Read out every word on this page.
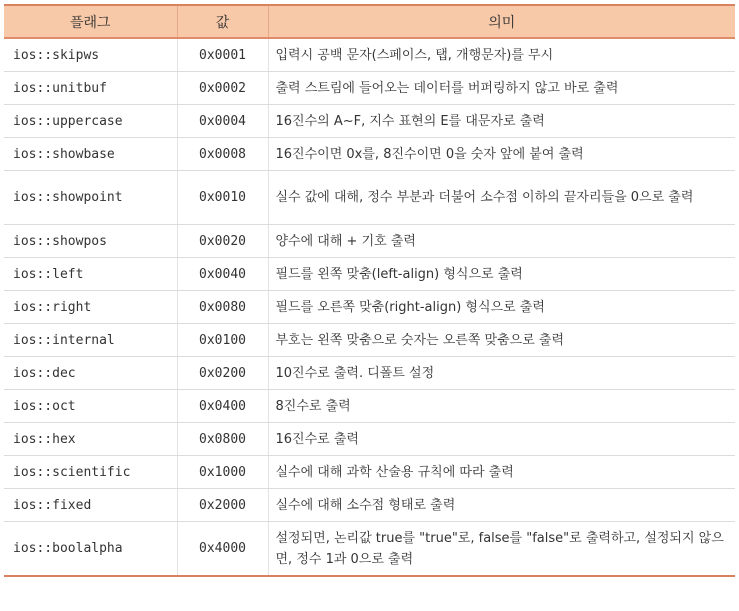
플래그	값	의미
ios::skipws	0x0001	입력시 공백 문자(스페이스, 탭, 개행문자)를 무시
ios::unitbuf	0x0002	출력 스트림에 들어오는 데이터를 버퍼링하지 않고 바로 출력
ios::uppercase	0x0004	16진수의 A~F, 지수 표현의 E를 대문자로 출력
ios::showbase	0x0008	16진수이면 0x를, 8진수이면 0을 숫자 앞에 붙여 출력
ios::showpoint	0x0010	실수 값에 대해, 정수 부분과 더불어 소수점 이하의 끝자리들을 0으로 출력
ios::showpos	0x0020	양수에 대해 + 기호 출력
ios::left	0x0040	필드를 왼쪽 맞춤(left-align) 형식으로 출력
ios::right	0x0080	필드를 오른쪽 맞춤(right-align) 형식으로 출력
ios::internal	0x0100	부호는 왼쪽 맞춤으로 숫자는 오른쪽 맞춤으로 출력
ios::dec	0x0200	10진수로 출력. 디폴트 설정
ios::oct	0x0400	8진수로 출력
ios::hex	0x0800	16진수로 출력
ios::scientific	0x1000	실수에 대해 과학 산술용 규칙에 따라 출력
ios::fixed	0x2000	실수에 대해 소수점 형태로 출력
ios::boolalpha	0x4000	설정되면, 논리값 true를 "true"로, false를 "false"로 출력하고, 설정되지 않으면, 정수 1과 0으로 출력
